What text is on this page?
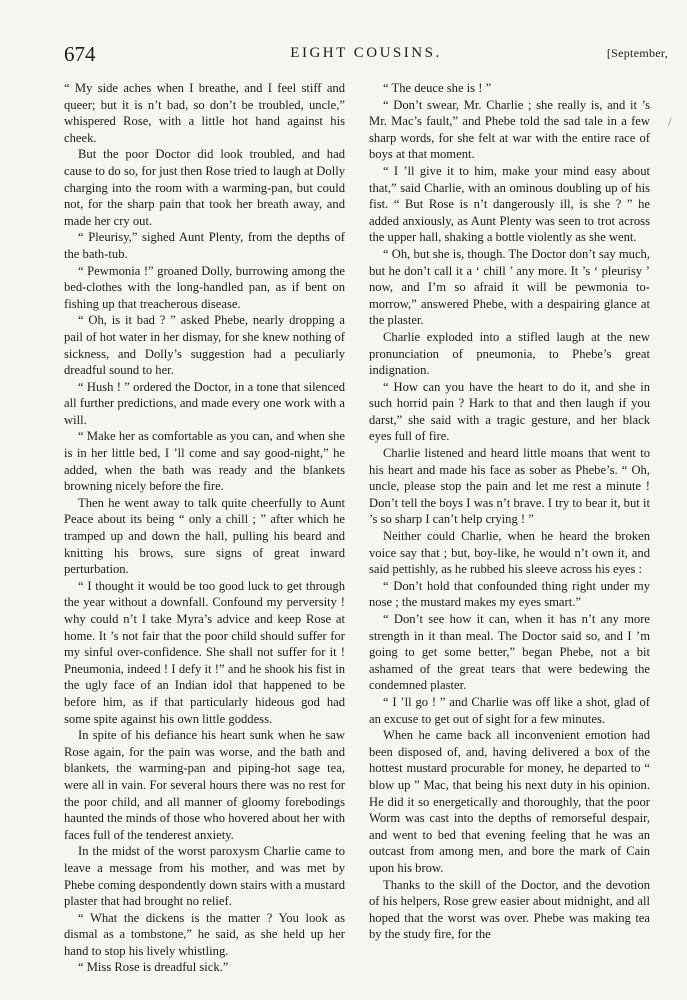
674	EIGHT COUSINS.	[September,

“ My side aches when I breathe, and I feel stiff and queer; but it is n’t bad, so don’t be troubled, uncle,” whispered Rose, with a little hot hand against his cheek.

But the poor Doctor did look troubled, and had cause to do so, for just then Rose tried to laugh at Dolly charging into the room with a warming-pan, but could not, for the sharp pain that took her breath away, and made her cry out.

“ Pleurisy,” sighed Aunt Plenty, from the depths of the bath-tub.

“ Pewmonia !” groaned Dolly, burrowing among the bed-clothes with the long-handled pan, as if bent on fishing up that treacherous disease.

“ Oh, is it bad ? ” asked Phebe, nearly dropping a pail of hot water in her dismay, for she knew nothing of sickness, and Dolly’s suggestion had a peculiarly dreadful sound to her.

“ Hush ! ” ordered the Doctor, in a tone that silenced all further predictions, and made every one work with a will.

“ Make her as comfortable as you can, and when she is in her little bed, I ’ll come and say good-night,” he added, when the bath was ready and the blankets browning nicely before the fire.

Then he went away to talk quite cheerfully to Aunt Peace about its being “ only a chill ; ” after which he tramped up and down the hall, pulling his beard and knitting his brows, sure signs of great inward perturbation.

“ I thought it would be too good luck to get through the year without a downfall. Confound my perversity ! why could n’t I take Myra’s advice and keep Rose at home. It ’s not fair that the poor child should suffer for my sinful over-confidence. She shall not suffer for it ! Pneumonia, indeed ! I defy it !” and he shook his fist in the ugly face of an Indian idol that happened to be before him, as if that particularly hideous god had some spite against his own little goddess.

In spite of his defiance his heart sunk when he saw Rose again, for the pain was worse, and the bath and blankets, the warming-pan and piping-hot sage tea, were all in vain. For several hours there was no rest for the poor child, and all manner of gloomy forebodings haunted the minds of those who hovered about her with faces full of the tenderest anxiety.

In the midst of the worst paroxysm Charlie came to leave a message from his mother, and was met by Phebe coming despondently down stairs with a mustard plaster that had brought no relief.

“ What the dickens is the matter ? You look as dismal as a tombstone,” he said, as she held up her hand to stop his lively whistling.

“ Miss Rose is dreadful sick.”

“ The deuce she is ! ”

“ Don’t swear, Mr. Charlie ; she really is, and it ’s Mr. Mac’s fault,” and Phebe told the sad tale in a few sharp words, for she felt at war with the entire race of boys at that moment.

“ I ’ll give it to him, make your mind easy about that,” said Charlie, with an ominous doubling up of his fist. “ But Rose is n’t dangerously ill, is she ? ” he added anxiously, as Aunt Plenty was seen to trot across the upper hall, shaking a bottle violently as she went.

“ Oh, but she is, though. The Doctor don’t say much, but he don’t call it a ‘ chill ’ any more. It ’s ‘ pleurisy ’ now, and I’m so afraid it will be pewmonia to-morrow,” answered Phebe, with a despairing glance at the plaster.

Charlie exploded into a stifled laugh at the new pronunciation of pneumonia, to Phebe’s great indignation.

“ How can you have the heart to do it, and she in such horrid pain ? Hark to that and then laugh if you darst,” she said with a tragic gesture, and her black eyes full of fire.

Charlie listened and heard little moans that went to his heart and made his face as sober as Phebe’s. “ Oh, uncle, please stop the pain and let me rest a minute ! Don’t tell the boys I was n’t brave. I try to bear it, but it ’s so sharp I can’t help crying ! ”

Neither could Charlie, when he heard the broken voice say that ; but, boy-like, he would n’t own it, and said pettishly, as he rubbed his sleeve across his eyes :

“ Don’t hold that confounded thing right under my nose ; the mustard makes my eyes smart.”

“ Don’t see how it can, when it has n’t any more strength in it than meal. The Doctor said so, and I ’m going to get some better,” began Phebe, not a bit ashamed of the great tears that were bedewing the condemned plaster.

“ I ’ll go ! ” and Charlie was off like a shot, glad of an excuse to get out of sight for a few minutes.

When he came back all inconvenient emotion had been disposed of, and, having delivered a box of the hottest mustard procurable for money, he departed to “ blow up ” Mac, that being his next duty in his opinion. He did it so energetically and thoroughly, that the poor Worm was cast into the depths of remorseful despair, and went to bed that evening feeling that he was an outcast from among men, and bore the mark of Cain upon his brow.

Thanks to the skill of the Doctor, and the devotion of his helpers, Rose grew easier about midnight, and all hoped that the worst was over. Phebe was making tea by the study fire, for the

/
